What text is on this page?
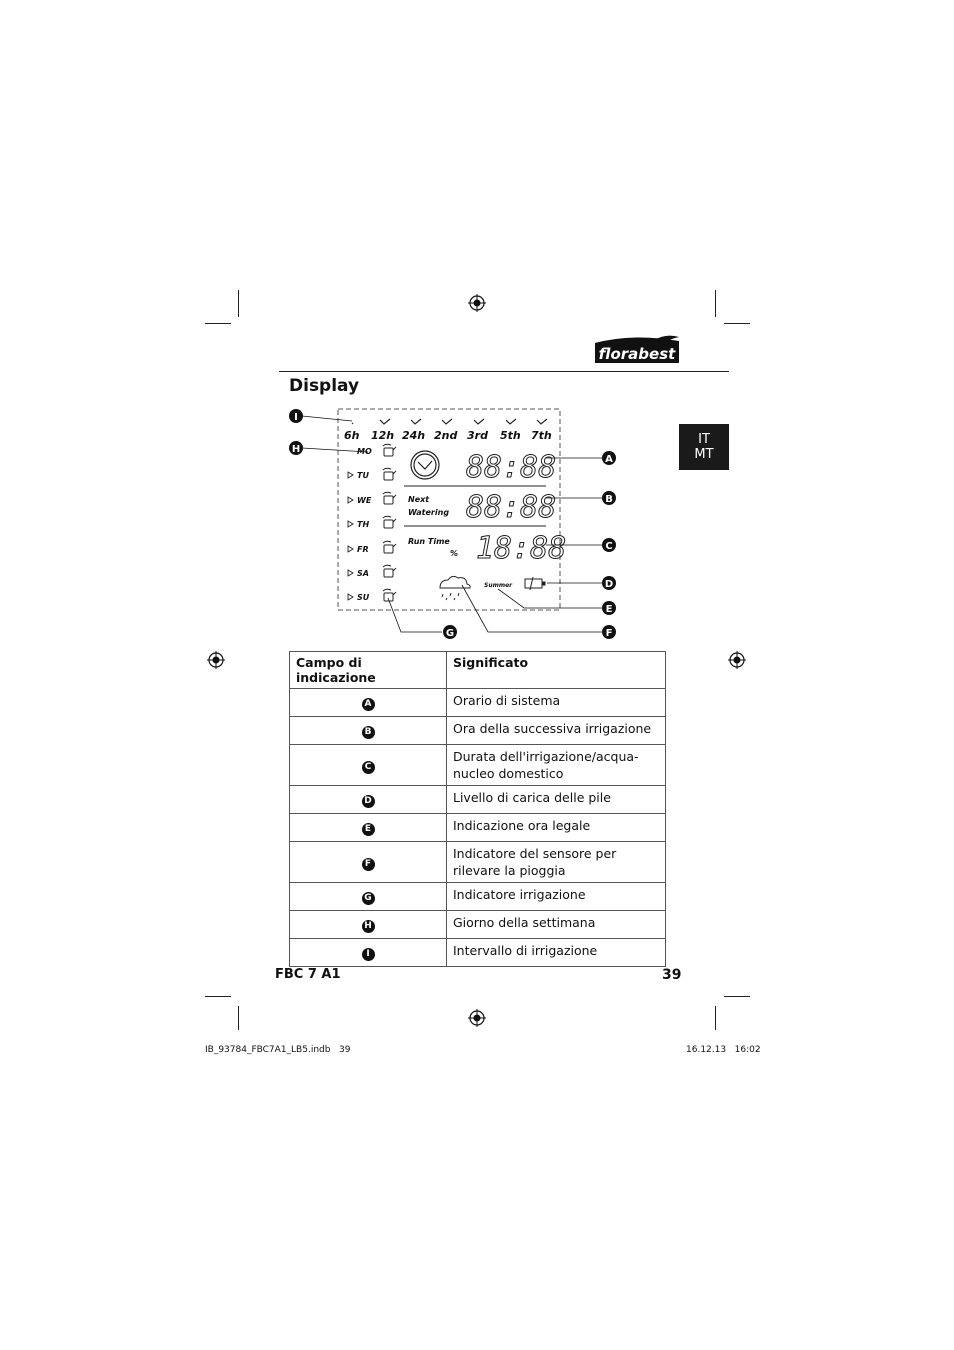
florabest
Display
IT
MT
6h 12h 24h 2nd 3rd 5th 7th
MO
TU
WE
TH
FR
SA
SU
88:88
88:88
18:88
Next
Watering
Run Time
%
Summer
I
H
A
B
C
D
E
F
G
Campo di indicazione	Significato
A	Orario di sistema
B	Ora della successiva irrigazione
C	Durata dell'irrigazione/acqua-nucleo domestico
D	Livello di carica delle pile
E	Indicazione ora legale
F	Indicatore del sensore per rilevare la pioggia
G	Indicatore irrigazione
H	Giorno della settimana
I	Intervallo di irrigazione
FBC 7 A1	39
IB_93784_FBC7A1_LB5.indb   39	16.12.13   16:02
